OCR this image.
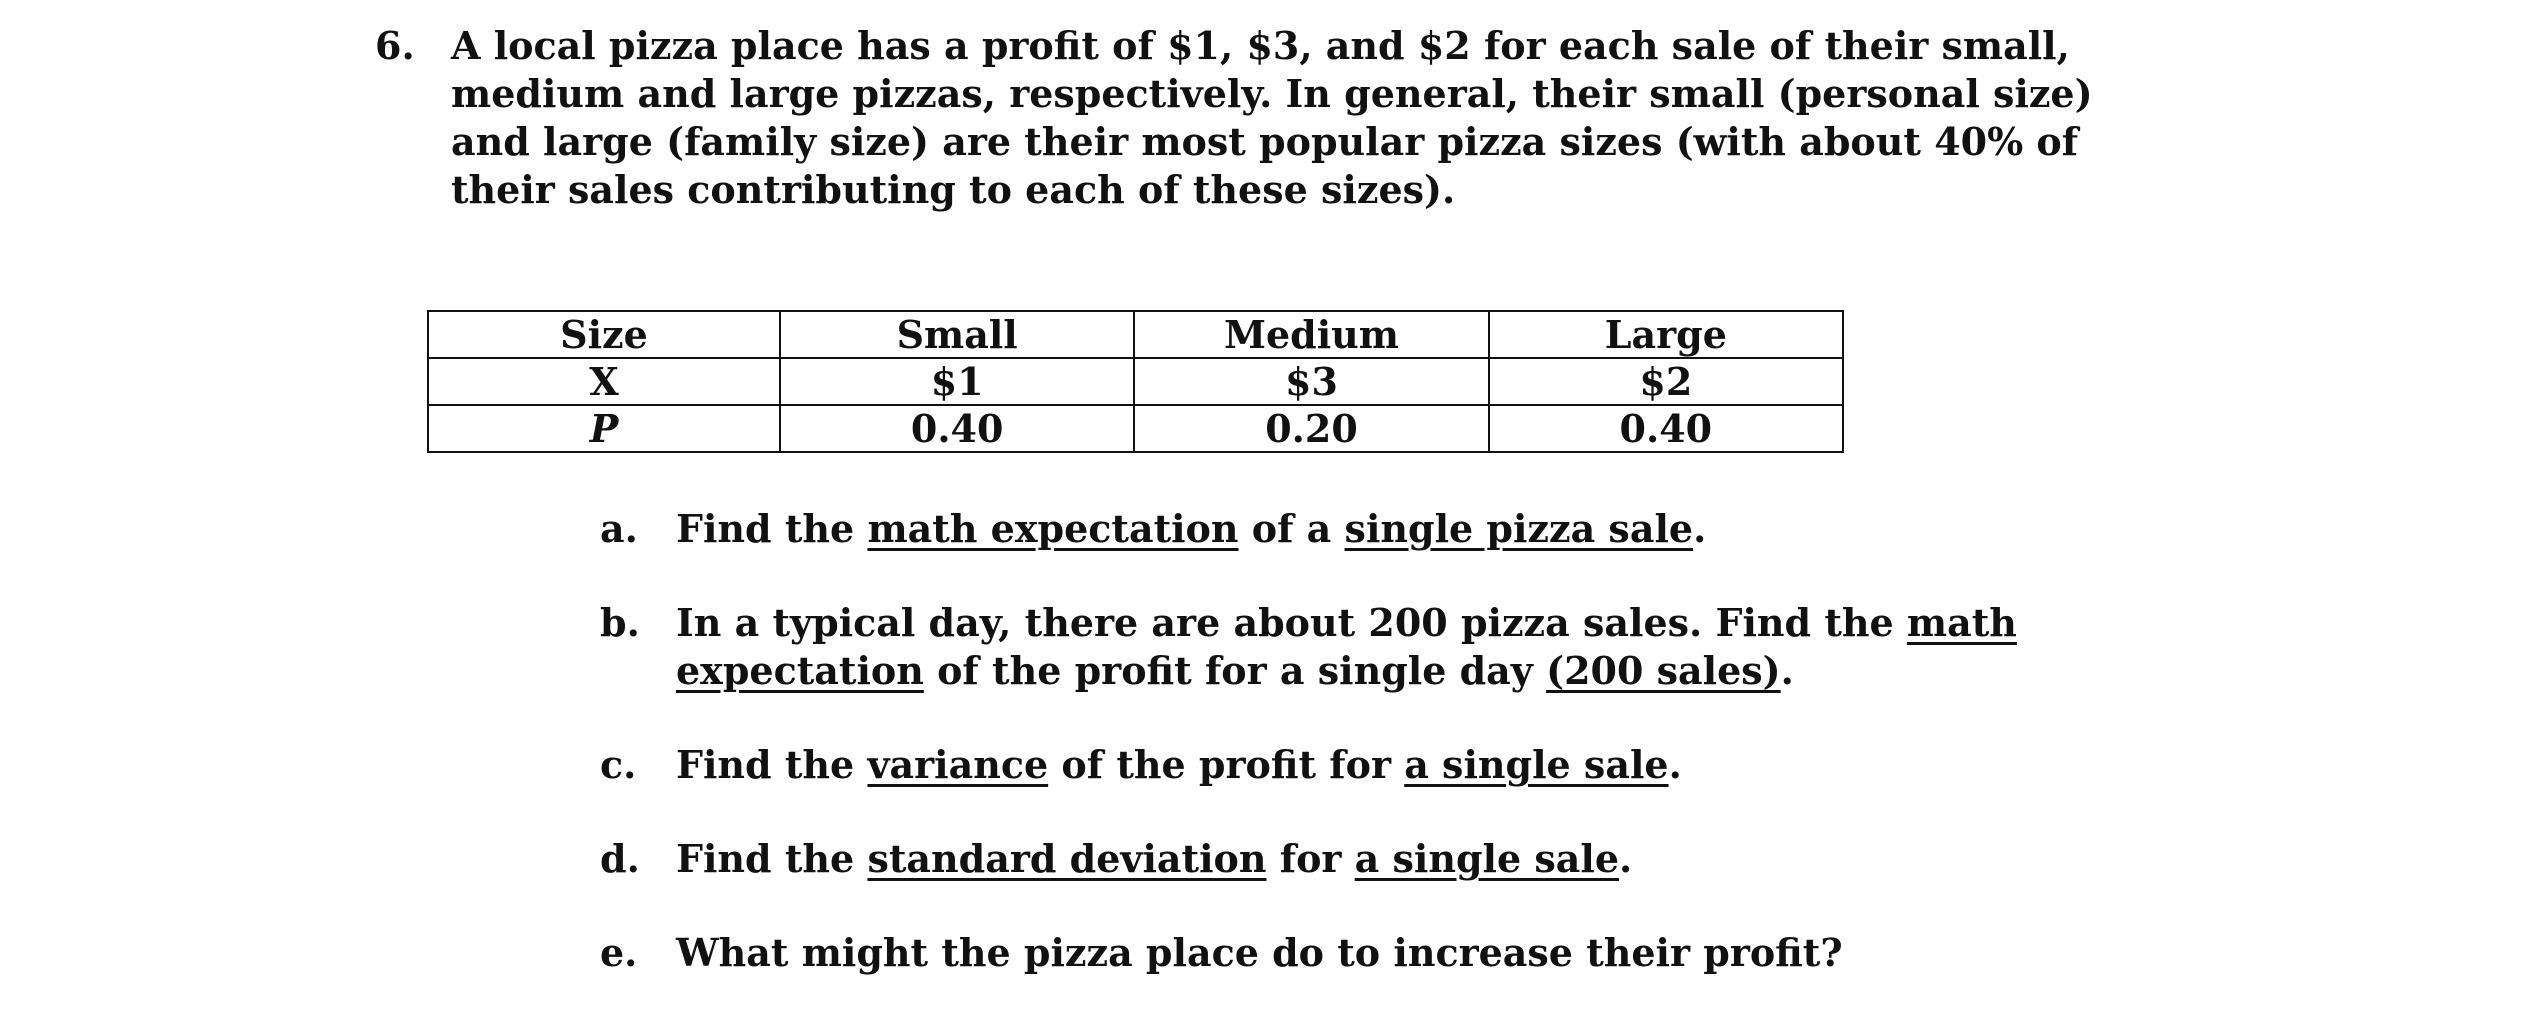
6. A local pizza place has a profit of $1, $3, and $2 for each sale of their small,
medium and large pizzas, respectively. In general, their small (personal size)
and large (family size) are their most popular pizza sizes (with about 40% of
their sales contributing to each of these sizes).
Size	Small	Medium	Large
X	$1	$3	$2
P	0.40	0.20	0.40
a. Find the math expectation of a single pizza sale.
b. In a typical day, there are about 200 pizza sales. Find the math
expectation of the profit for a single day (200 sales).
c. Find the variance of the profit for a single sale.
d. Find the standard deviation for a single sale.
e. What might the pizza place do to increase their profit?
